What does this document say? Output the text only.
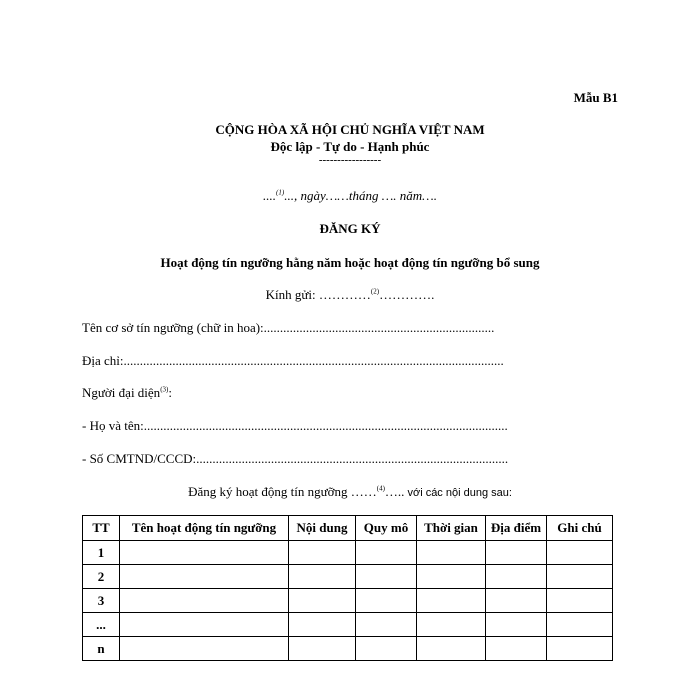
Mẫu B1
CỘNG HÒA XÃ HỘI CHỦ NGHĨA VIỆT NAM
Độc lập - Tự do - Hạnh phúc
-----------------
....$^{(1)}$..., ngày……tháng …. năm….
ĐĂNG KÝ
Hoạt động tín ngưỡng hằng năm hoặc hoạt động tín ngưỡng bổ sung
Kính gửi: …………$^{(2)}$………….
Tên cơ sở tín ngưỡng (chữ in hoa):.......................................................................
Địa chỉ:.....................................................................................................................
Người đại diện$^{(3)}$:
- Họ và tên:................................................................................................................
- Số CMTND/CCCD:................................................................................................
Đăng ký hoạt động tín ngưỡng ……$^{(4)}$….. với các nội dung sau:
TT	Tên hoạt động tín ngưỡng	Nội dung	Quy mô	Thời gian	Địa điểm	Ghi chú
1						
2						
3						
...						
n						
